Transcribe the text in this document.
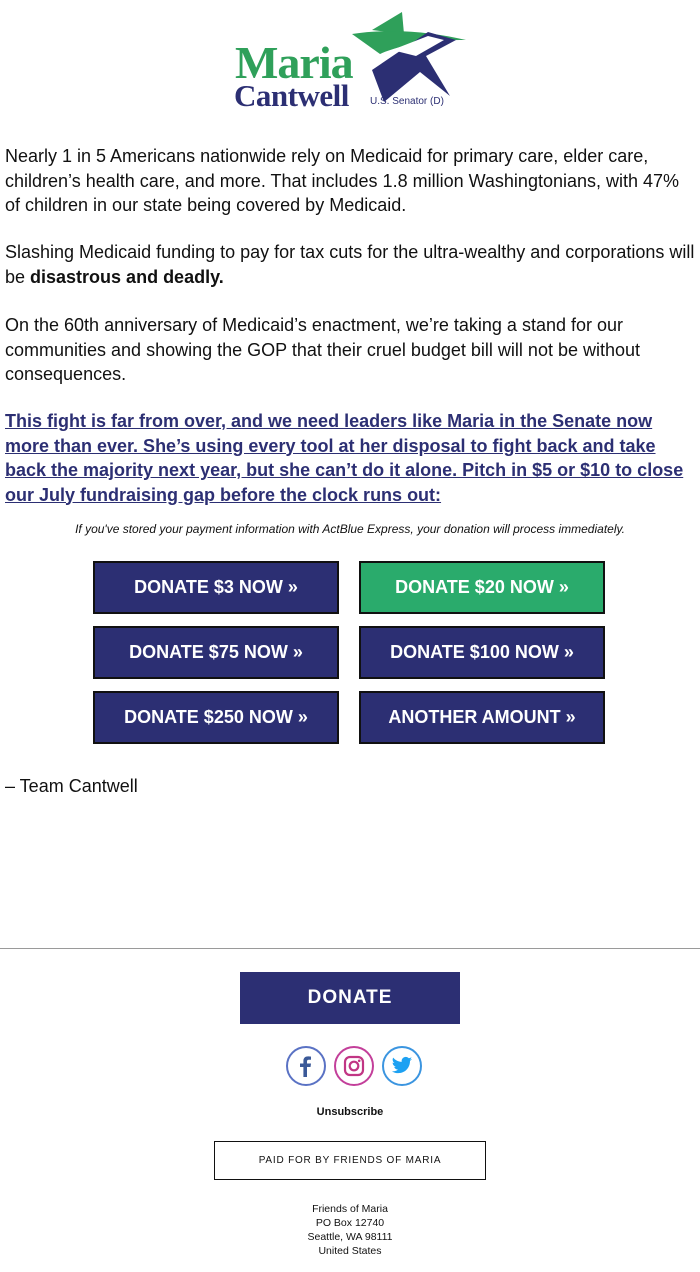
Maria
Cantwell U.S. Senator (D)

Nearly 1 in 5 Americans nationwide rely on Medicaid for primary care, elder care, children’s health care, and more. That includes 1.8 million Washingtonians, with 47% of children in our state being covered by Medicaid.

Slashing Medicaid funding to pay for tax cuts for the ultra-wealthy and corporations will be disastrous and deadly.

On the 60th anniversary of Medicaid’s enactment, we’re taking a stand for our communities and showing the GOP that their cruel budget bill will not be without consequences.

This fight is far from over, and we need leaders like Maria in the Senate now more than ever. She’s using every tool at her disposal to fight back and take back the majority next year, but she can’t do it alone. Pitch in $5 or $10 to close our July fundraising gap before the clock runs out:

If you've stored your payment information with ActBlue Express, your donation will process immediately.
DONATE $3 NOW »	DONATE $20 NOW »
DONATE $75 NOW »	DONATE $100 NOW »
DONATE $250 NOW »	ANOTHER AMOUNT »
– Team Cantwell
DONATE
Unsubscribe
PAID FOR BY FRIENDS OF MARIA
Friends of Maria
PO Box 12740
Seattle, WA 98111
United States
